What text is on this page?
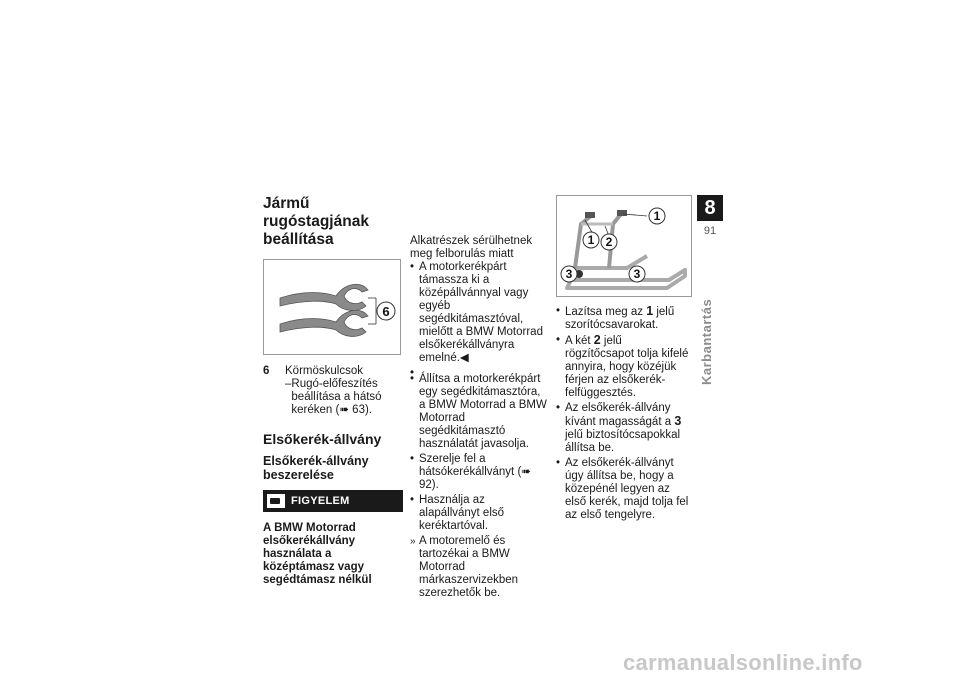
Jármű rugóstagjának beállítása
6
6	Körmöskulcsok
– Rugó-előfeszítés beállítása a hátsó keréken (➠ 63).
Elsőkerék-állvány
Elsőkerék-állvány beszerelése
FIGYELEM
A BMW Motorrad elsőkerékállvány használata a középtámasz vagy segédtámasz nélkül
Alkatrészek sérülhetnek meg felborulás miatt
• A motorkerékpárt támassza ki a középállvánnyal vagy egyéb segédkitámasztóval, mielőtt a BMW Motorrad elsőkerékállványra emelné.◀
•
• Állítsa a motorkerékpárt egy segédkitámasztóra, a BMW Motorrad a BMW Motorrad segédkitámasztó használatát javasolja.
• Szerelje fel a hátsókerékállványt (➠ 92).
• Használja az alapállványt első keréktartóval.
» A motoremelő és tartozékai a BMW Motorrad márkaszervizekben szerezhetők be.
1
1 2
3	3
• Lazítsa meg az 1 jelű szorítócsavarokat.
• A két 2 jelű rögzítőcsapot tolja kifelé annyira, hogy közéjük férjen az elsőkerék-felfüggesztés.
• Az elsőkerék-állvány kívánt magasságát a 3 jelű biztosítócsapokkal állítsa be.
• Az elsőkerék-állványt úgy állítsa be, hogy a közepénél legyen az első kerék, majd tolja fel az első tengelyre.
8
91
Karbantartás
carmanualsonline.info
